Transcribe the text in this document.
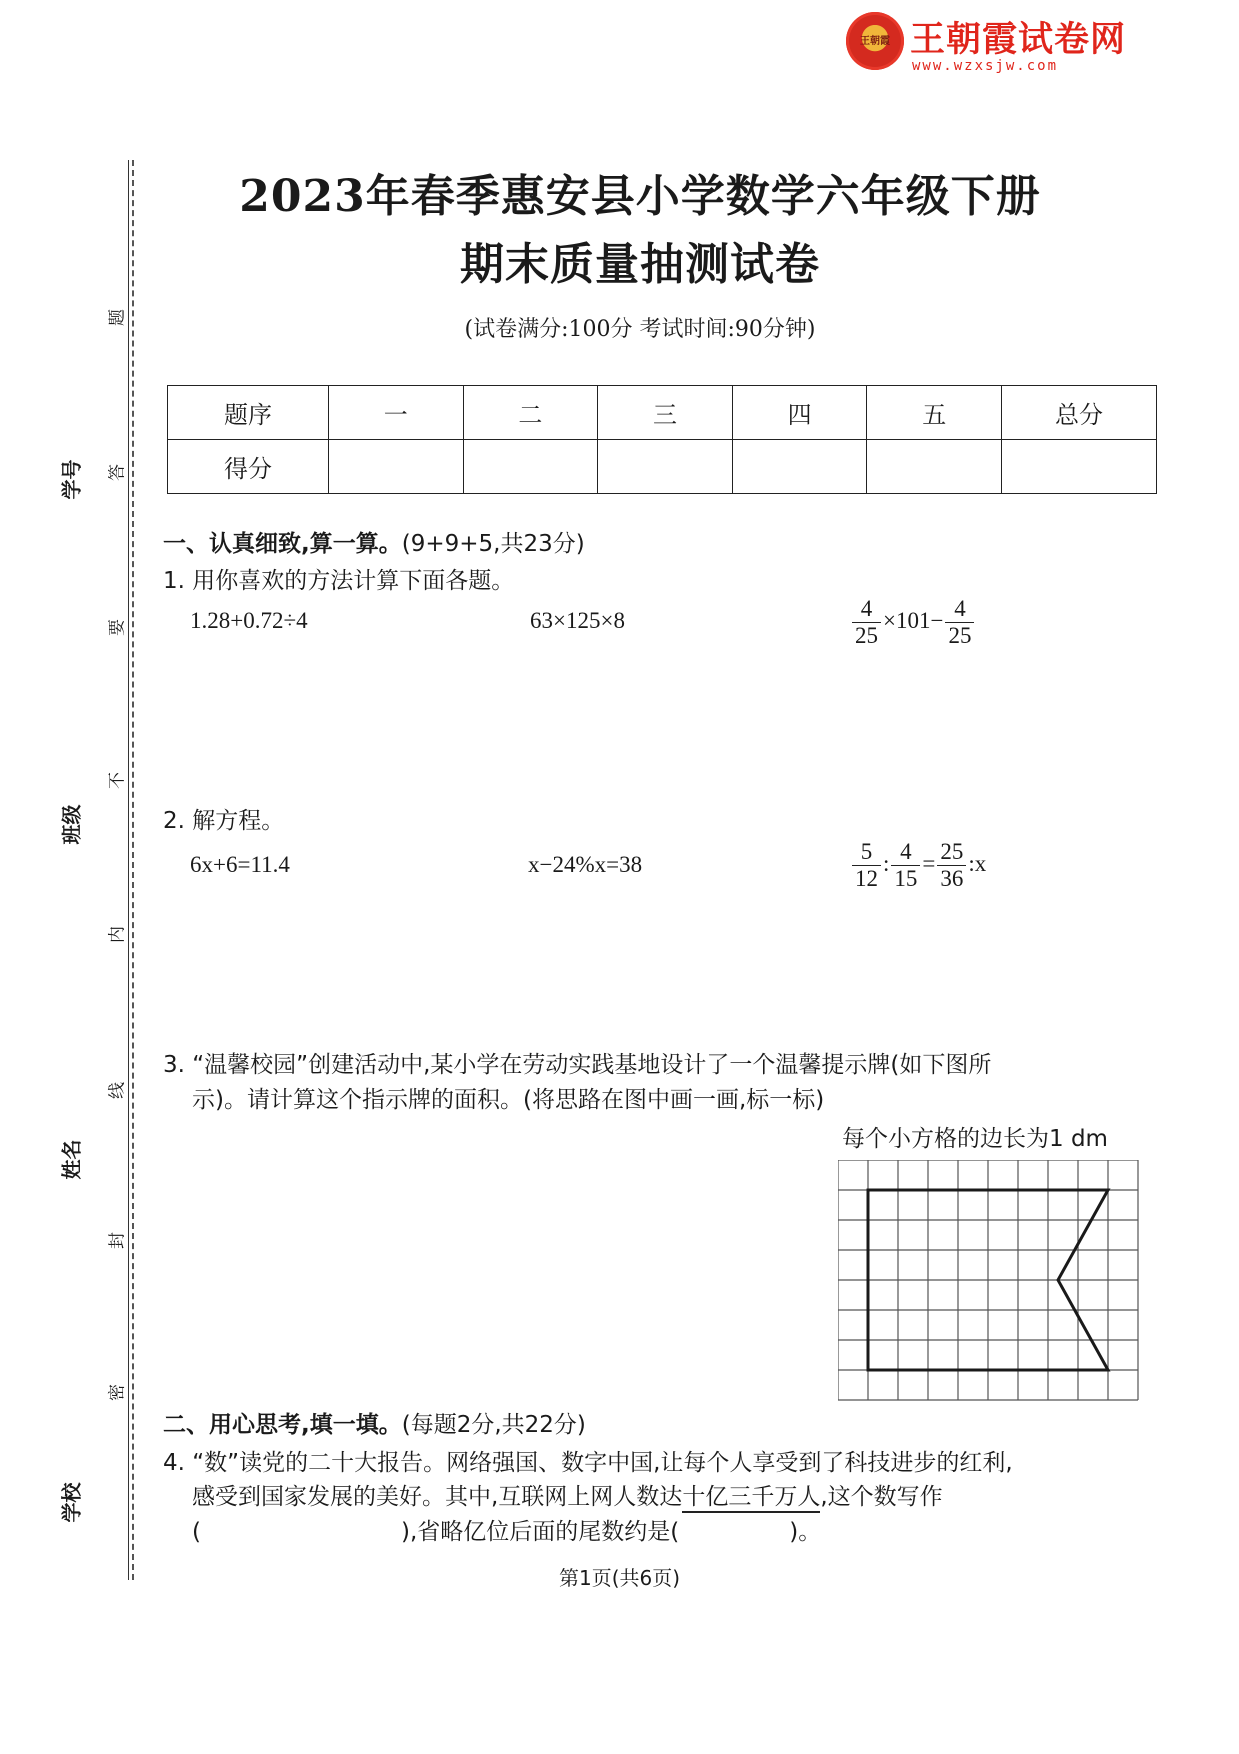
王朝霞 王朝霞试卷网
www.wzxsjw.com
学号
班级
姓名
学校
题
答
要
不
内
线
封
密
2023年春季惠安县小学数学六年级下册
期末质量抽测试卷
(试卷满分:100分 考试时间:90分钟)
题序	一	二	三	四	五	总分
得分						
一、认真细致,算一算。(9+9+5,共23分)
1. 用你喜欢的方法计算下面各题。
1.28+0.72÷4	63×125×8	$\frac{4}{25} \times 101- \frac{4}{25}$
2. 解方程。
6x+6=11.4	x−24%x=38	$\frac{5}{12}$ : $\frac{4}{15} = \frac{25}{36}$ :x
3. “温馨校园”创建活动中,某小学在劳动实践基地设计了一个温馨提示牌(如下图所
示)。请计算这个指示牌的面积。(将思路在图中画一画,标一标)
每个小方格的边长为1 dm
二、用心思考,填一填。(每题2分,共22分)
4. “数”读党的二十大报告。网络强国、数字中国,让每个人享受到了科技进步的红利,
感受到国家发展的美好。其中,互联网上网人数达十亿三千万人,这个数写作
(	),省略亿位后面的尾数约是(	)。
第1页(共6页)
